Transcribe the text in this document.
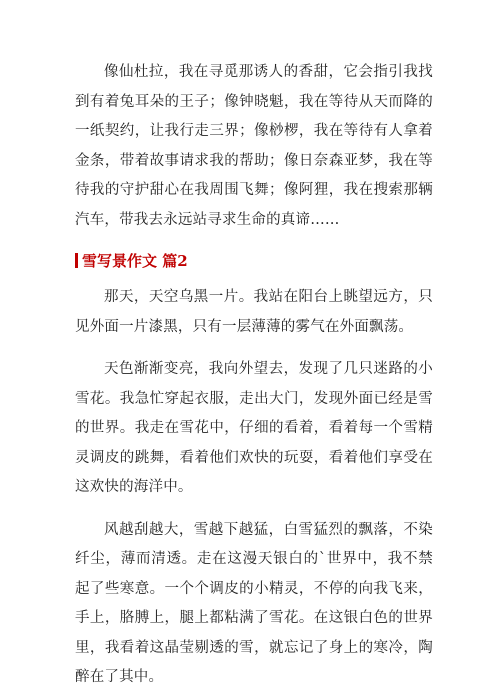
像仙杜拉，我在寻觅那诱人的香甜，它会指引我找到有着兔耳朵的王子；像钟晓魁，我在等待从天而降的一纸契约，让我行走三界；像桫椤，我在等待有人拿着金条，带着故事请求我的帮助；像日奈森亚梦，我在等待我的守护甜心在我周围飞舞；像阿狸，我在搜索那辆汽车，带我去永远站寻求生命的真谛……

雪写景作文 篇2

那天，天空乌黑一片。我站在阳台上眺望远方，只见外面一片漆黑，只有一层薄薄的雾气在外面飘荡。

天色渐渐变亮，我向外望去，发现了几只迷路的小雪花。我急忙穿起衣服，走出大门，发现外面已经是雪的世界。我走在雪花中，仔细的看着，看着每一个雪精灵调皮的跳舞，看着他们欢快的玩耍，看着他们享受在这欢快的海洋中。

风越刮越大，雪越下越猛，白雪猛烈的飘落，不染纤尘，薄而清透。走在这漫天银白的`世界中，我不禁起了些寒意。一个个调皮的小精灵，不停的向我飞来，手上，胳膊上，腿上都粘满了雪花。在这银白色的世界里，我看着这晶莹剔透的雪，就忘记了身上的寒冷，陶醉在了其中。
